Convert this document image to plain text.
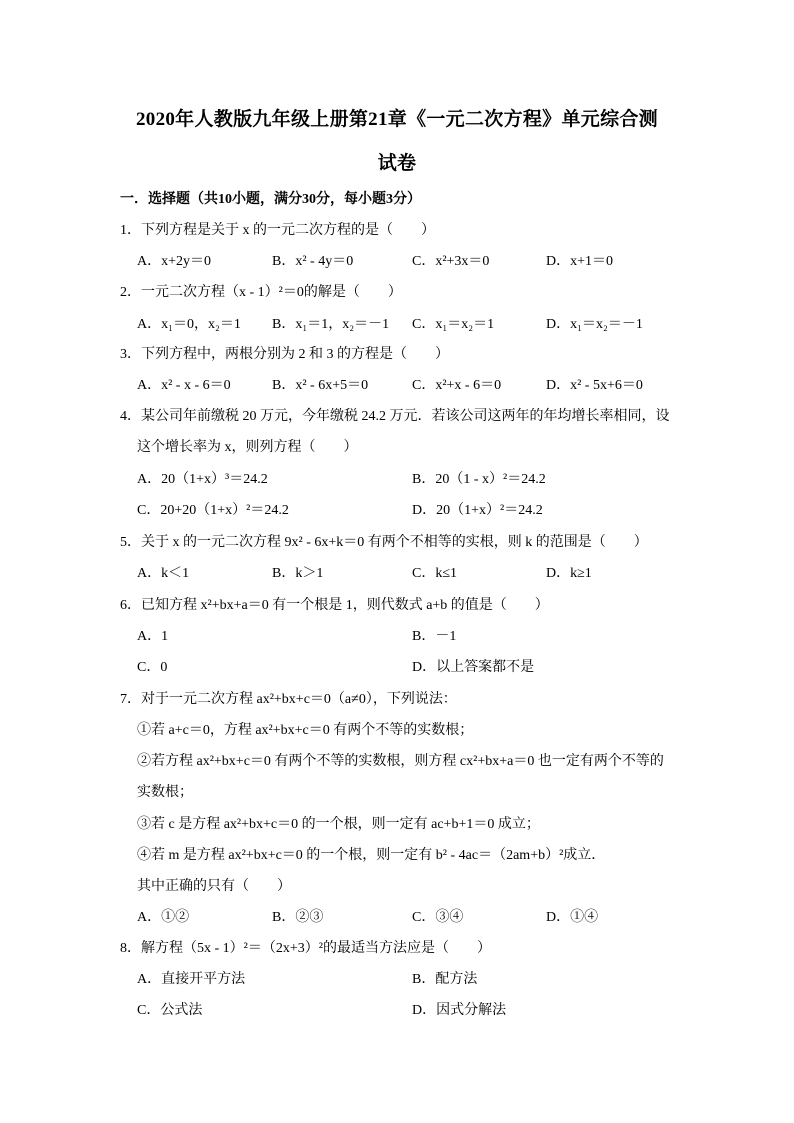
2020年人教版九年级上册第21章《一元二次方程》单元综合测
试卷
一．选择题（共10小题，满分30分，每小题3分）
1．下列方程是关于 x 的一元二次方程的是（　　）
A．x+2y＝0	B．x² - 4y＝0	C．x²+3x＝0	D．x+1＝0
2．一元二次方程（x - 1）²＝0的解是（　　）
A．x₁＝0，x₂＝1 B．x₁＝1，x₂＝－1 C．x₁＝x₂＝1	D．x₁＝x₂＝－1
3．下列方程中，两根分别为 2 和 3 的方程是（　　）
A．x² - x - 6＝0	B．x² - 6x+5＝0	C．x²+x - 6＝0	D．x² - 5x+6＝0
4．某公司年前缴税 20 万元，今年缴税 24.2 万元．若该公司这两年的年均增长率相同，设
这个增长率为 x，则列方程（　　）
A．20（1+x）³＝24.2	B．20（1 - x）²＝24.2
C．20+20（1+x）²＝24.2	D．20（1+x）²＝24.2
5．关于 x 的一元二次方程 9x² - 6x+k＝0 有两个不相等的实根，则 k 的范围是（　　）
A．k＜1	B．k＞1	C．k≤1	D．k≥1
6．已知方程 x²+bx+a＝0 有一个根是 1，则代数式 a+b 的值是（　　）
A．1	B．－1
C．0	D．以上答案都不是
7．对于一元二次方程 ax²+bx+c＝0（a≠0），下列说法：
①若 a+c＝0，方程 ax²+bx+c＝0 有两个不等的实数根；
②若方程 ax²+bx+c＝0 有两个不等的实数根，则方程 cx²+bx+a＝0 也一定有两个不等的
实数根；
③若 c 是方程 ax²+bx+c＝0 的一个根，则一定有 ac+b+1＝0 成立；
④若 m 是方程 ax²+bx+c＝0 的一个根，则一定有 b² - 4ac＝（2am+b）²成立．
其中正确的只有（　　）
A．①②	B．②③	C．③④	D．①④
8．解方程（5x - 1）²＝（2x+3）²的最适当方法应是（　　）
A．直接开平方法	B．配方法
C．公式法	D．因式分解法
